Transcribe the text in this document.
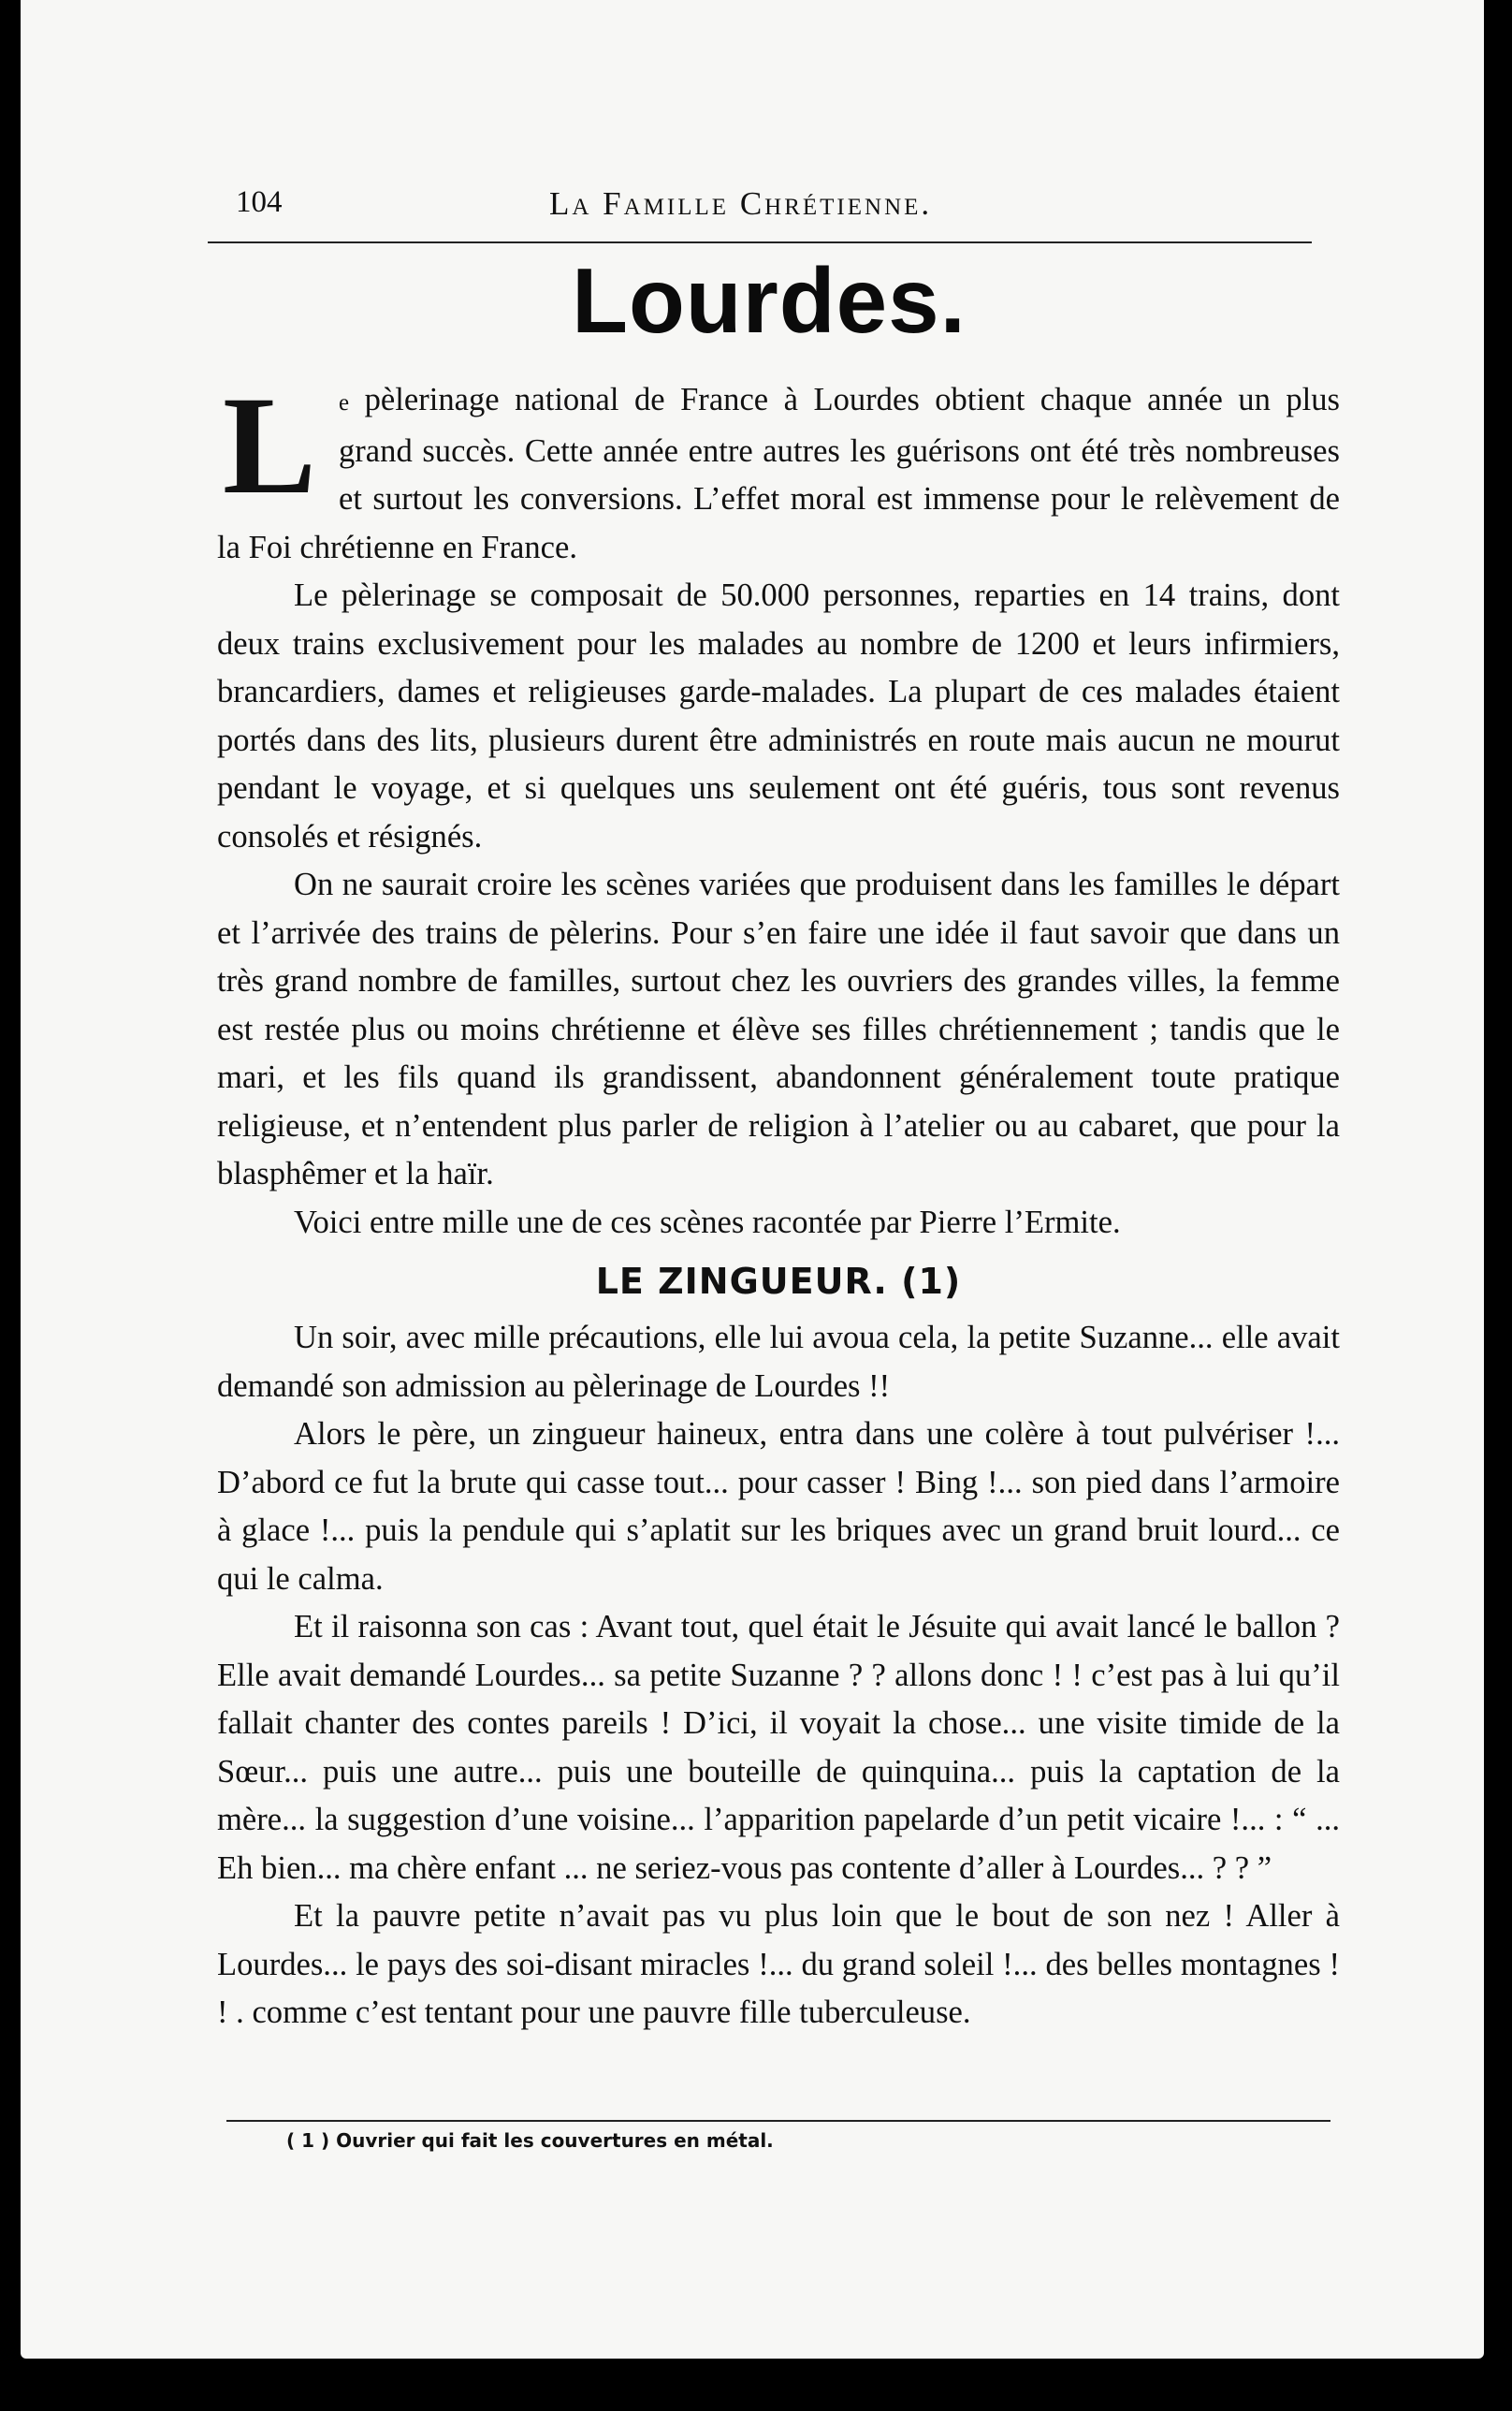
104	La Famille Chrétienne.
Lourdes.
L e pèlerinage national de France à Lourdes obtient chaque année un plus grand succès. Cette année entre autres les guérisons ont été très nombreuses et surtout les conversions. L’effet moral est immense pour le relèvement de la Foi chrétienne en France.

Le pèlerinage se composait de 50.000 personnes, reparties en 14 trains, dont deux trains exclusivement pour les malades au nombre de 1200 et leurs infirmiers, brancardiers, dames et religieuses garde-malades. La plupart de ces malades étaient portés dans des lits, plusieurs durent être administrés en route mais aucun ne mourut pendant le voyage, et si quelques uns seulement ont été guéris, tous sont revenus consolés et résignés.

On ne saurait croire les scènes variées que produisent dans les familles le départ et l’arrivée des trains de pèlerins. Pour s’en faire une idée il faut savoir que dans un très grand nombre de familles, surtout chez les ouvriers des grandes villes, la femme est restée plus ou moins chrétienne et élève ses filles chrétiennement ; tandis que le mari, et les fils quand ils grandissent, abandonnent généralement toute pratique religieuse, et n’entendent plus parler de religion à l’atelier ou au cabaret, que pour la blasphêmer et la haïr.

Voici entre mille une de ces scènes racontée par Pierre l’Ermite.

LE ZINGUEUR. (1)

Un soir, avec mille précautions, elle lui avoua cela, la petite Suzanne... elle avait demandé son admission au pèlerinage de Lourdes !!

Alors le père, un zingueur haineux, entra dans une colère à tout pulvériser !... D’abord ce fut la brute qui casse tout... pour casser ! Bing !... son pied dans l’armoire à glace !... puis la pendule qui s’aplatit sur les briques avec un grand bruit lourd... ce qui le calma.

Et il raisonna son cas : Avant tout, quel était le Jésuite qui avait lancé le ballon ? Elle avait demandé Lourdes... sa petite Suzanne ? ? allons donc ! ! c’est pas à lui qu’il fallait chanter des contes pareils ! D’ici, il voyait la chose... une visite timide de la Sœur... puis une autre... puis une bouteille de quinquina... puis la captation de la mère... la suggestion d’une voisine... l’apparition papelarde d’un petit vicaire !... : “ ... Eh bien... ma chère enfant ... ne seriez-vous pas contente d’aller à Lourdes... ? ? ”

Et la pauvre petite n’avait pas vu plus loin que le bout de son nez ! Aller à Lourdes... le pays des soi-disant miracles !... du grand soleil !... des belles montagnes ! ! . comme c’est tentant pour une pauvre fille tuberculeuse.

( 1 ) Ouvrier qui fait les couvertures en métal.
